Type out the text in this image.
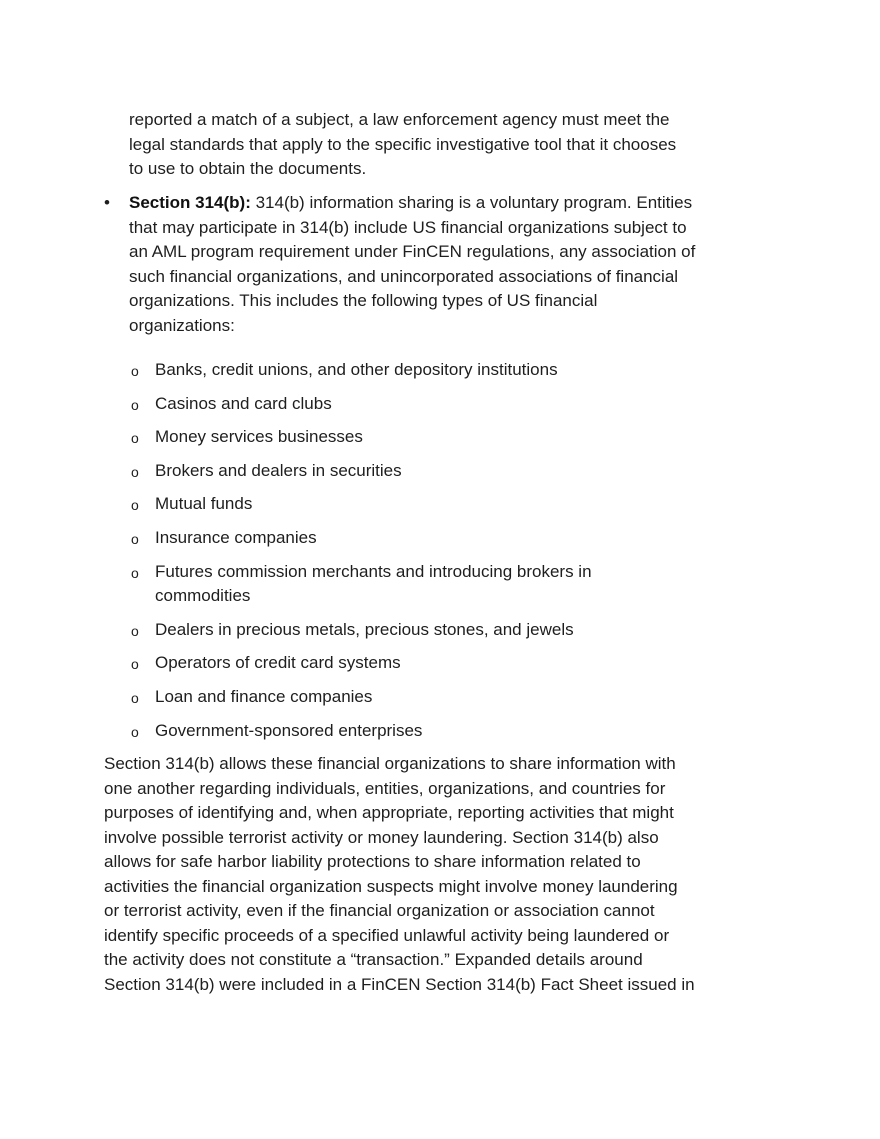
reported a match of a subject, a law enforcement agency must meet the
legal standards that apply to the specific investigative tool that it chooses
to use to obtain the documents.
• Section 314(b): 314(b) information sharing is a voluntary program. Entities
that may participate in 314(b) include US financial organizations subject to
an AML program requirement under FinCEN regulations, any association of
such financial organizations, and unincorporated associations of financial
organizations. This includes the following types of US financial
organizations:
o Banks, credit unions, and other depository institutions
o Casinos and card clubs
o Money services businesses
o Brokers and dealers in securities
o Mutual funds
o Insurance companies
o Futures commission merchants and introducing brokers in
commodities
o Dealers in precious metals, precious stones, and jewels
o Operators of credit card systems
o Loan and finance companies
o Government-sponsored enterprises
Section 314(b) allows these financial organizations to share information with
one another regarding individuals, entities, organizations, and countries for
purposes of identifying and, when appropriate, reporting activities that might
involve possible terrorist activity or money laundering. Section 314(b) also
allows for safe harbor liability protections to share information related to
activities the financial organization suspects might involve money laundering
or terrorist activity, even if the financial organization or association cannot
identify specific proceeds of a specified unlawful activity being laundered or
the activity does not constitute a “transaction.” Expanded details around
Section 314(b) were included in a FinCEN Section 314(b) Fact Sheet issued in
